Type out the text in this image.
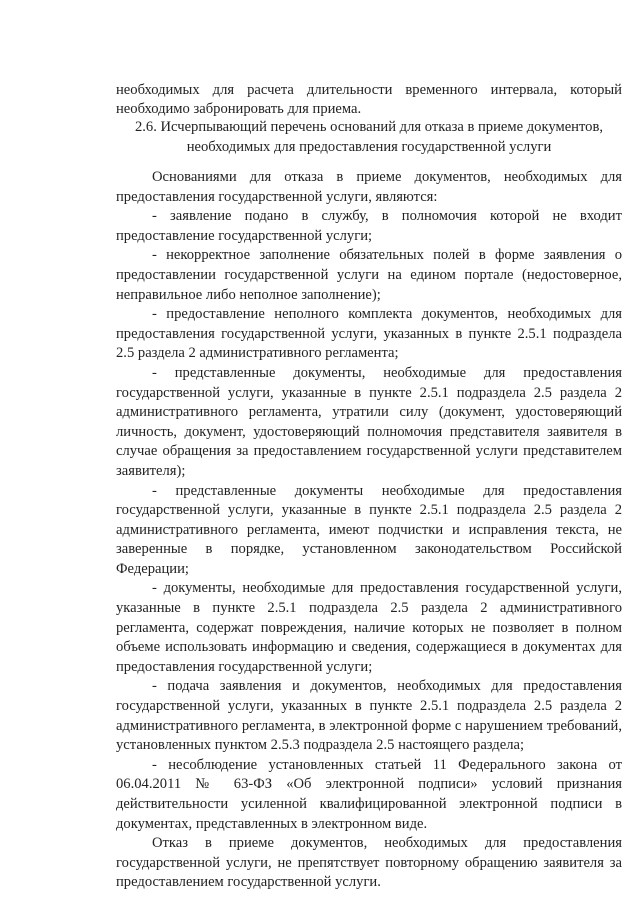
необходимых для расчета длительности временного интервала, который необходимо забронировать для приема.

2.6. Исчерпывающий перечень оснований для отказа в приеме документов, необходимых для предоставления государственной услуги

Основаниями для отказа в приеме документов, необходимых для предоставления государственной услуги, являются:

- заявление подано в службу, в полномочия которой не входит предоставление государственной услуги;

- некорректное заполнение обязательных полей в форме заявления о предоставлении государственной услуги на едином портале (недостоверное, неправильное либо неполное заполнение);

- предоставление неполного комплекта документов, необходимых для предоставления государственной услуги, указанных в пункте 2.5.1 подраздела 2.5 раздела 2 административного регламента;

- представленные документы, необходимые для предоставления государственной услуги, указанные в пункте 2.5.1 подраздела 2.5 раздела 2 административного регламента, утратили силу (документ, удостоверяющий личность, документ, удостоверяющий полномочия представителя заявителя в случае обращения за предоставлением государственной услуги представителем заявителя);

- представленные документы необходимые для предоставления государственной услуги, указанные в пункте 2.5.1 подраздела 2.5 раздела 2 административного регламента, имеют подчистки и исправления текста, не заверенные в порядке, установленном законодательством Российской Федерации;

- документы, необходимые для предоставления государственной услуги, указанные в пункте 2.5.1 подраздела 2.5 раздела 2 административного регламента, содержат повреждения, наличие которых не позволяет в полном объеме использовать информацию и сведения, содержащиеся в документах для предоставления государственной услуги;

- подача заявления и документов, необходимых для предоставления государственной услуги, указанных в пункте 2.5.1 подраздела 2.5 раздела 2 административного регламента, в электронной форме с нарушением требований, установленных пунктом 2.5.3 подраздела 2.5 настоящего раздела;

- несоблюдение установленных статьей 11 Федерального закона от 06.04.2011 № 63-ФЗ «Об электронной подписи» условий признания действительности усиленной квалифицированной электронной подписи в документах, представленных в электронном виде.

Отказ в приеме документов, необходимых для предоставления государственной услуги, не препятствует повторному обращению заявителя за предоставлением государственной услуги.
